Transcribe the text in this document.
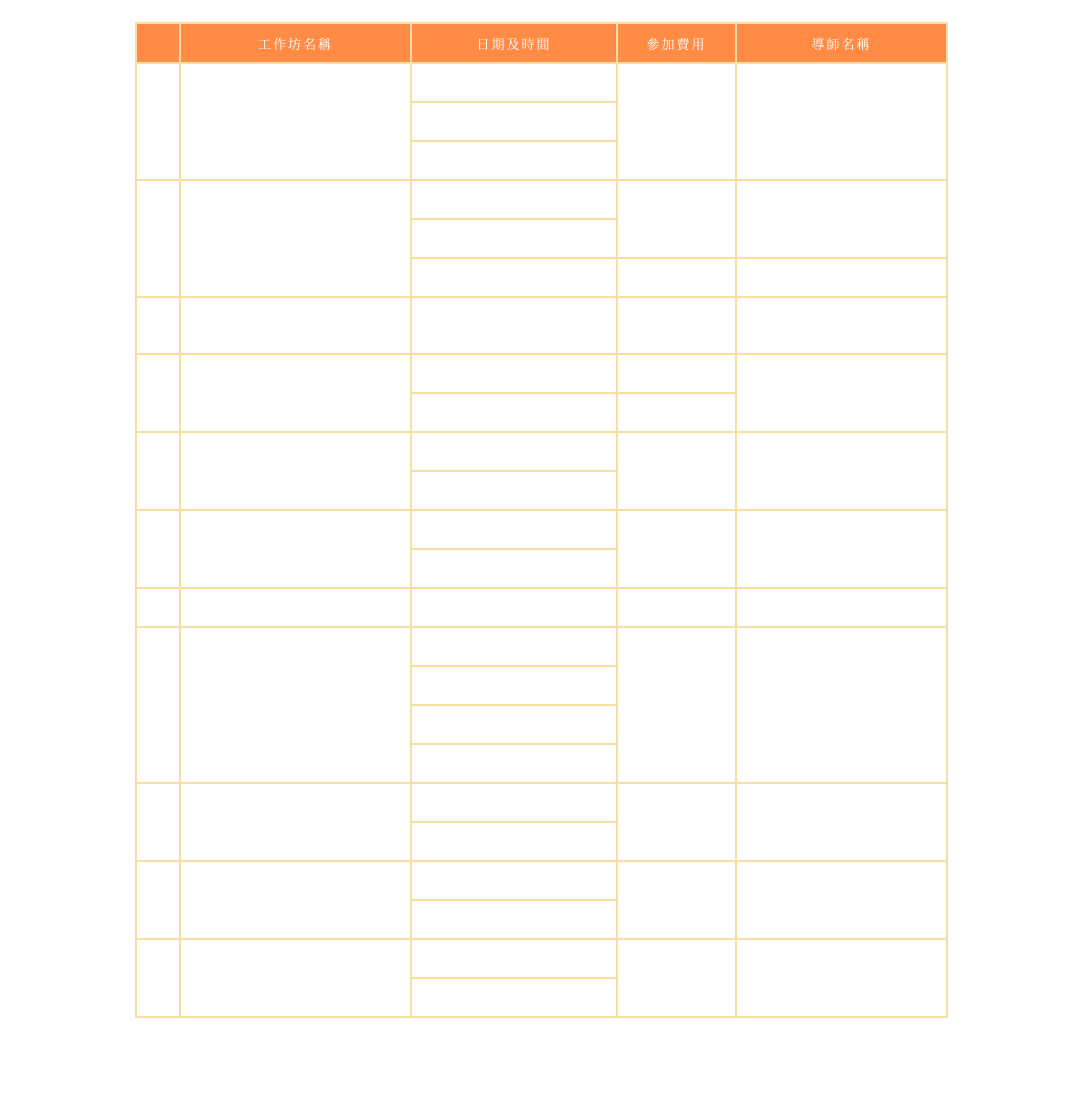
	工作坊名稱	日期及時間	參加費用	導師名稱
